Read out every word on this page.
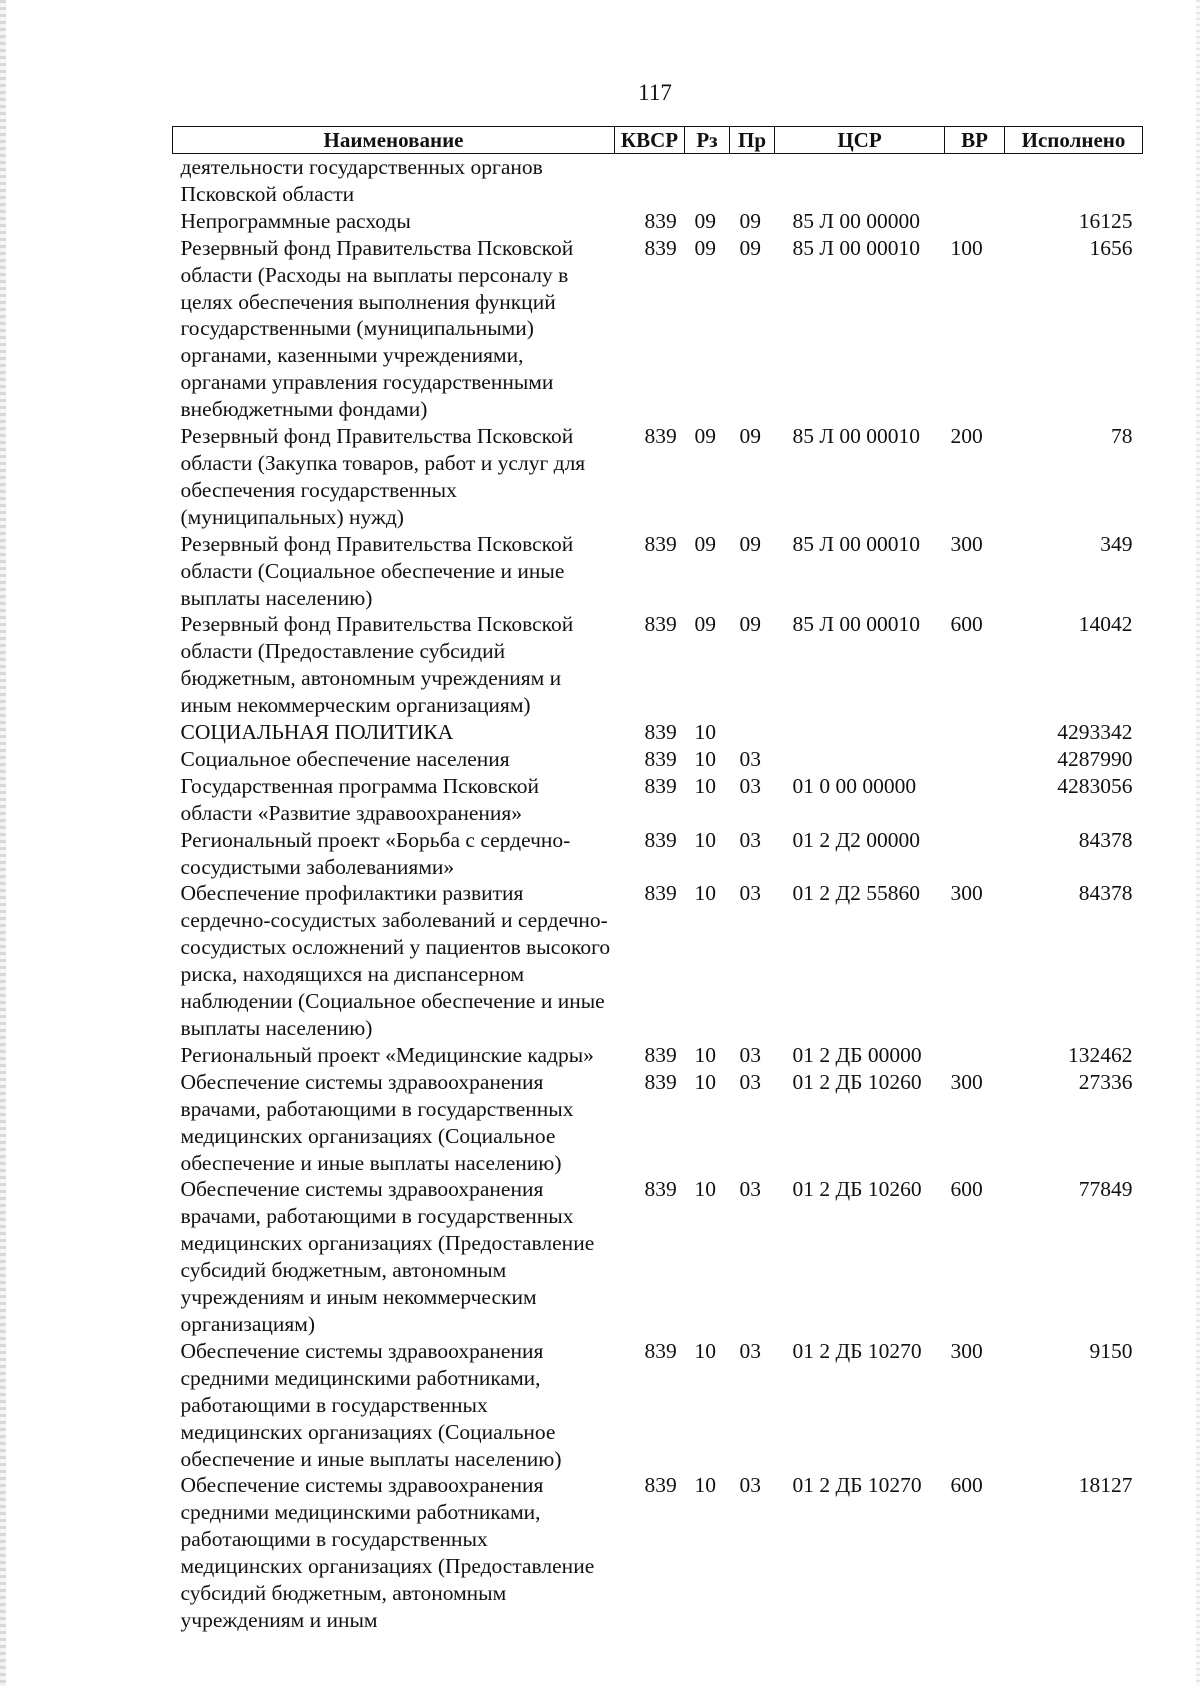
117
Наименование	КВСР	Рз	Пр	ЦСР	ВР	Исполнено
деятельности государственных органов Псковской области						
Непрограммные расходы	839	09	09	85 Л 00 00000		16125
Резервный фонд Правительства Псковской области (Расходы на выплаты персоналу в целях обеспечения выполнения функций государственными (муниципальными) органами, казенными учреждениями, органами управления государственными внебюджетными фондами)	839	09	09	85 Л 00 00010	100	1656
Резервный фонд Правительства Псковской области (Закупка товаров, работ и услуг для обеспечения государственных (муниципальных) нужд)	839	09	09	85 Л 00 00010	200	78
Резервный фонд Правительства Псковской области (Социальное обеспечение и иные выплаты населению)	839	09	09	85 Л 00 00010	300	349
Резервный фонд Правительства Псковской области (Предоставление субсидий бюджетным, автономным учреждениям и иным некоммерческим организациям)	839	09	09	85 Л 00 00010	600	14042
СОЦИАЛЬНАЯ ПОЛИТИКА	839	10				4293342
Социальное обеспечение населения	839	10	03			4287990
Государственная программа Псковской области «Развитие здравоохранения»	839	10	03	01 0 00 00000		4283056
Региональный проект «Борьба с сердечно-сосудистыми заболеваниями»	839	10	03	01 2 Д2 00000		84378
Обеспечение профилактики развития сердечно-сосудистых заболеваний и сердечно-сосудистых осложнений у пациентов высокого риска, находящихся на диспансерном наблюдении (Социальное обеспечение и иные выплаты населению)	839	10	03	01 2 Д2 55860	300	84378
Региональный проект «Медицинские кадры»	839	10	03	01 2 ДБ 00000		132462
Обеспечение системы здравоохранения врачами, работающими в государственных медицинских организациях (Социальное обеспечение и иные выплаты населению)	839	10	03	01 2 ДБ 10260	300	27336
Обеспечение системы здравоохранения врачами, работающими в государственных медицинских организациях (Предоставление субсидий бюджетным, автономным учреждениям и иным некоммерческим организациям)	839	10	03	01 2 ДБ 10260	600	77849
Обеспечение системы здравоохранения средними медицинскими работниками, работающими в государственных медицинских организациях (Социальное обеспечение и иные выплаты населению)	839	10	03	01 2 ДБ 10270	300	9150
Обеспечение системы здравоохранения средними медицинскими работниками, работающими в государственных медицинских организациях (Предоставление субсидий бюджетным, автономным учреждениям и иным	839	10	03	01 2 ДБ 10270	600	18127
